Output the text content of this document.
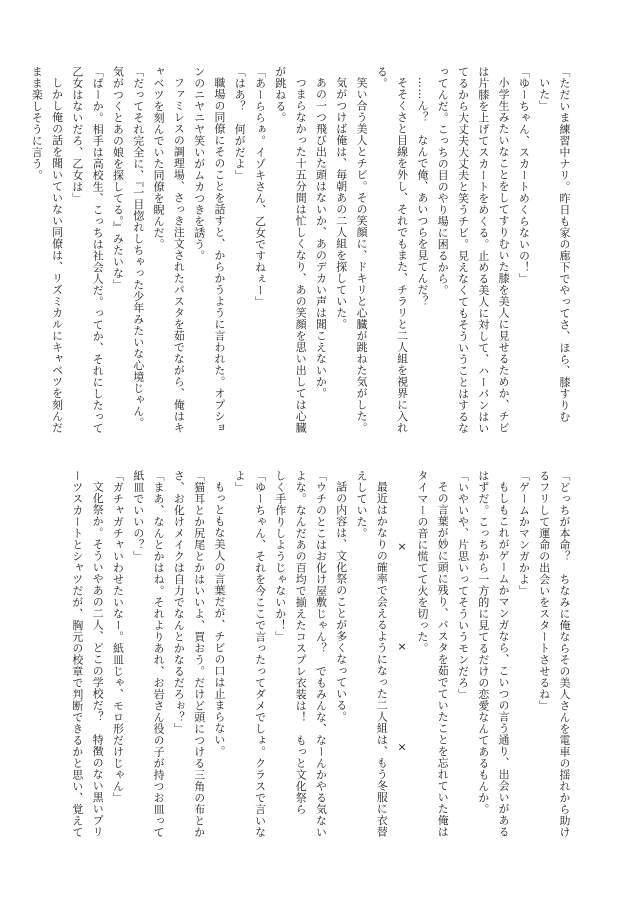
「ただいま練習中ナリ。昨日も家の廊下でやってさ、ほら、膝すりむ
いた」
「ゆーちゃん、スカートめくらないの！」
小学生みたいなことをしてすりむいた膝を美人に見せるためか、チビ
は片膝を上げてスカートをめくる。止める美人に対して、ハーパンはい
てるから大丈夫大丈夫と笑うチビ。見えなくてもそういうことはするな
ってんだ。こっちの目のやり場に困るから。
……ん？　なんで俺、あいつらを見てんだ？
そそくさと目線を外し、それでもまた、チラリと二人組を視界に入れ
る。
笑い合う美人とチビ。その笑顔に、ドキリと心臓が跳ねた気がした。
気がつけば俺は、毎朝あの二人組を探していた。
あの一つ飛び出た頭はないか、あのデカい声は聞こえないか。
つまらなかった十五分間は忙しくなり、あの笑顔を思い出しては心臓
が跳ねる。
「あーららぁ。イゾキさん、乙女ですねぇー」
「はあ？　何がだよ」
職場の同僚にそのことを話すと、からかうように言われた。オプショ
ンのニヤニヤ笑いがムカつきを誘う。
ファミレスの調理場、さっき注文されたパスタを茹でながら、俺はキ
ャベツを刻んでいた同僚を睨んだ。
「だってそれ完全に、『一目惚れしちゃった少年みたいな心境じゃん。
気がつくとあの娘を探してる。』みたいな」
「ばーか。相手は高校生、こっちは社会人だ。ってか、それにしたって
乙女はないだろ、乙女は」
しかし俺の話を聞いていない同僚は、リズミカルにキャベツを刻んだ
まま楽しそうに言う。
「どっちが本命？　ちなみに俺ならその美人さんを電車の揺れから助け
るフリして運命の出会いをスタートさせるね」
「ゲームかマンガかよ」
もしもこれがゲームかマンガなら、こいつの言う通り、出会いがある
はずだ。こっちから一方的に見てるだけの恋愛なんてあるもんか。
「いやいや、片思いってそういうモンだろ」
その言葉が妙に頭に残り、パスタを茹でていたことを忘れていた俺は
タイマーの音に慌てて火を切った。
×　×　×
最近はかなりの確率で会えるようになった二人組は、もう冬服に衣替
えしていた。
話の内容は、文化祭のことが多くなっている。
「ウチのとこはお化け屋敷じゃん？　でもみんな、なーんかやる気ない
よな。なんだあの百均で揃えたコスプレ衣装は！　もっと文化祭ら
しく手作りしようじゃないか！」
「ゆーちゃん、それを今ここで言ったってダメでしょ。クラスで言いな
よ」
もっともな美人の言葉だが、チビの口は止まらない。
「猫耳とか尻尾とかはいいよ、買おう。だけど頭につける三角の布とか
さ、お化けメイクは自力でなんとかなるだろぉ？」
「まあ、なんとかはね。それよりあれ、お岩さん役の子が持つお皿って
紙皿でいいの？」
「ガチャガチャいわせたいなー。紙皿じゃ、モロ形だけじゃん」
文化祭か。そういやあの二人、どこの学校だ？　特徴のない黒いプリ
ーツスカートとシャツだが、胸元の校章で判断できるかと思い、覚えて
